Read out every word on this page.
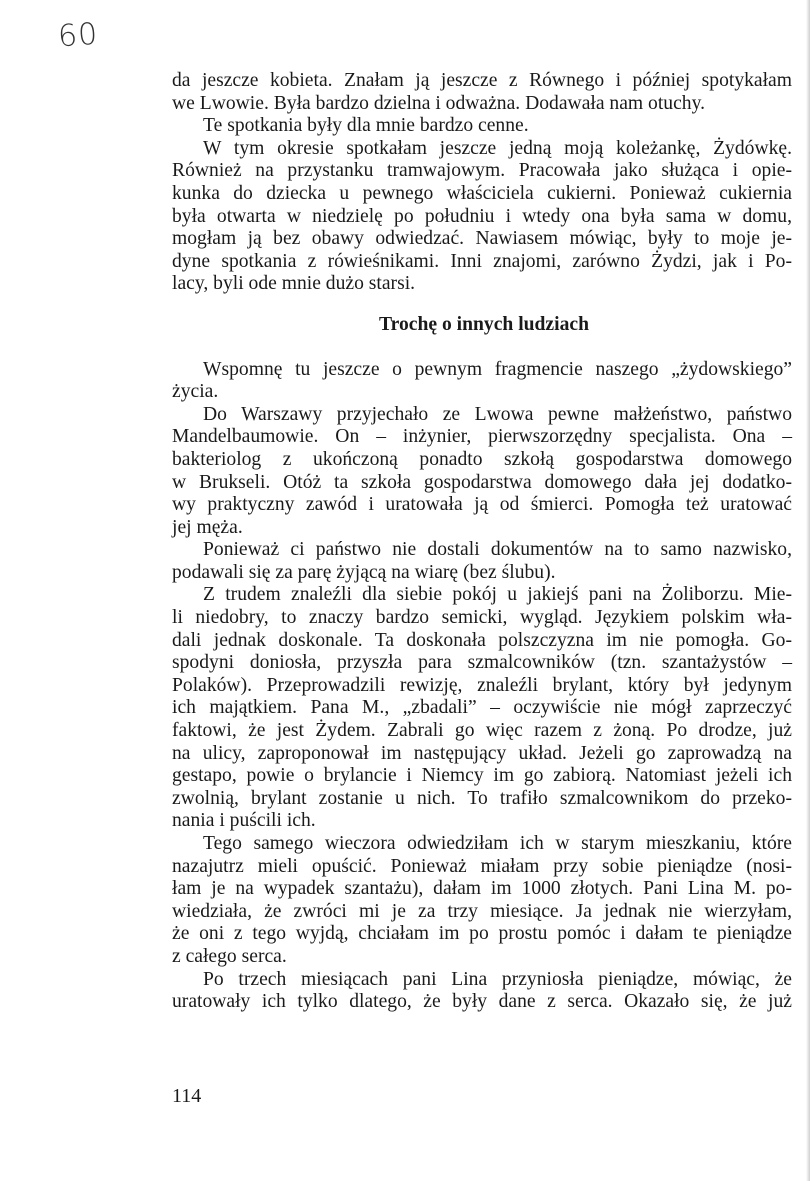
60
da jeszcze kobieta. Znałam ją jeszcze z Równego i później spotykałam
we Lwowie. Była bardzo dzielna i odważna. Dodawała nam otuchy.
Te spotkania były dla mnie bardzo cenne.
W tym okresie spotkałam jeszcze jedną moją koleżankę, Żydówkę.
Również na przystanku tramwajowym. Pracowała jako służąca i opie-
kunka do dziecka u pewnego właściciela cukierni. Ponieważ cukiernia
była otwarta w niedzielę po południu i wtedy ona była sama w domu,
mogłam ją bez obawy odwiedzać. Nawiasem mówiąc, były to moje je-
dyne spotkania z rówieśnikami. Inni znajomi, zarówno Żydzi, jak i Po-
lacy, byli ode mnie dużo starsi.
Trochę o innych ludziach
Wspomnę tu jeszcze o pewnym fragmencie naszego „żydowskiego”
życia.
Do Warszawy przyjechało ze Lwowa pewne małżeństwo, państwo
Mandelbaumowie. On – inżynier, pierwszorzędny specjalista. Ona –
bakteriolog z ukończoną ponadto szkołą gospodarstwa domowego
w Brukseli. Otóż ta szkoła gospodarstwa domowego dała jej dodatko-
wy praktyczny zawód i uratowała ją od śmierci. Pomogła też uratować
jej męża.
Ponieważ ci państwo nie dostali dokumentów na to samo nazwisko,
podawali się za parę żyjącą na wiarę (bez ślubu).
Z trudem znaleźli dla siebie pokój u jakiejś pani na Żoliborzu. Mie-
li niedobry, to znaczy bardzo semicki, wygląd. Językiem polskim wła-
dali jednak doskonale. Ta doskonała polszczyzna im nie pomogła. Go-
spodyni doniosła, przyszła para szmalcowników (tzn. szantażystów –
Polaków). Przeprowadzili rewizję, znaleźli brylant, który był jedynym
ich majątkiem. Pana M., „zbadali” – oczywiście nie mógł zaprzeczyć
faktowi, że jest Żydem. Zabrali go więc razem z żoną. Po drodze, już
na ulicy, zaproponował im następujący układ. Jeżeli go zaprowadzą na
gestapo, powie o brylancie i Niemcy im go zabiorą. Natomiast jeżeli ich
zwolnią, brylant zostanie u nich. To trafiło szmalcownikom do przeko-
nania i puścili ich.
Tego samego wieczora odwiedziłam ich w starym mieszkaniu, które
nazajutrz mieli opuścić. Ponieważ miałam przy sobie pieniądze (nosi-
łam je na wypadek szantażu), dałam im 1000 złotych. Pani Lina M. po-
wiedziała, że zwróci mi je za trzy miesiące. Ja jednak nie wierzyłam,
że oni z tego wyjdą, chciałam im po prostu pomóc i dałam te pieniądze
z całego serca.
Po trzech miesiącach pani Lina przyniosła pieniądze, mówiąc, że
uratowały ich tylko dlatego, że były dane z serca. Okazało się, że już
114
